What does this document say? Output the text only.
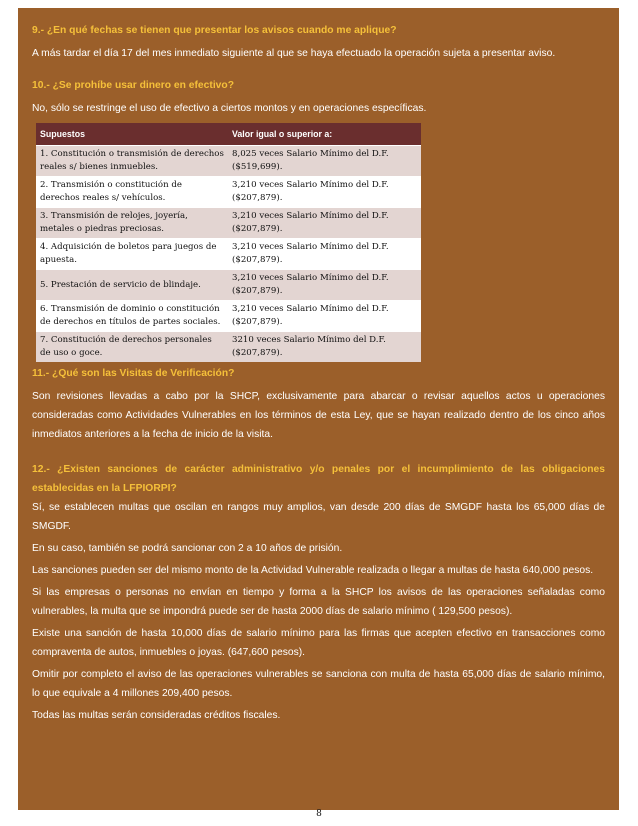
9.- ¿En qué fechas se tienen que presentar los avisos cuando me aplique?

A más tardar el día 17 del mes inmediato siguiente al que se haya efectuado la operación sujeta a presentar aviso.

10.- ¿Se prohíbe usar dinero en efectivo?

No, sólo se restringe el uso de efectivo a ciertos montos y en operaciones específicas.

Supuestos	Valor igual o superior a:
1. Constitución o transmisión de derechos reales s/ bienes inmuebles.	8,025 veces Salario Mínimo del D.F. ($519,699).
2. Transmisión o constitución de derechos reales s/ vehículos.	3,210 veces Salario Mínimo del D.F. ($207,879).
3. Transmisión de relojes, joyería, metales o piedras preciosas.	3,210 veces Salario Mínimo del D.F. ($207,879).
4. Adquisición de boletos para juegos de apuesta.	3,210 veces Salario Mínimo del D.F. ($207,879).
5. Prestación de servicio de blindaje.	3,210 veces Salario Mínimo del D.F. ($207,879).
6. Transmisión de dominio o constitución de derechos en títulos de partes sociales.	3,210 veces Salario Mínimo del D.F. ($207,879).
7. Constitución de derechos personales de uso o goce.	3210 veces Salario Mínimo del D.F. ($207,879).

11.- ¿Qué son las Visitas de Verificación?

Son revisiones llevadas a cabo por la SHCP, exclusivamente para abarcar o revisar aquellos actos u operaciones consideradas como Actividades Vulnerables en los términos de esta Ley, que se hayan realizado dentro de los cinco años inmediatos anteriores a la fecha de inicio de la visita.

12.- ¿Existen sanciones de carácter administrativo y/o penales por el incumplimiento de las obligaciones establecidas en la LFPIORPI?

Sí, se establecen multas que oscilan en rangos muy amplios, van desde 200 días de SMGDF hasta los 65,000 días de SMGDF.

En su caso, también se podrá sancionar con 2 a 10 años de prisión.

Las sanciones pueden ser del mismo monto de la Actividad Vulnerable realizada o llegar a multas de hasta 640,000 pesos.

Si las empresas o personas no envían en tiempo y forma a la SHCP los avisos de las operaciones señaladas como vulnerables, la multa que se impondrá puede ser de hasta 2000 días de salario mínimo ( 129,500 pesos).

Existe una sanción de hasta 10,000 días de salario mínimo para las firmas que acepten efectivo en transacciones como compraventa de autos, inmuebles o joyas. (647,600 pesos).

Omitir por completo el aviso de las operaciones vulnerables se sanciona con multa de hasta 65,000 días de salario mínimo, lo que equivale a 4 millones 209,400 pesos.

Todas las multas serán consideradas créditos fiscales.

8
